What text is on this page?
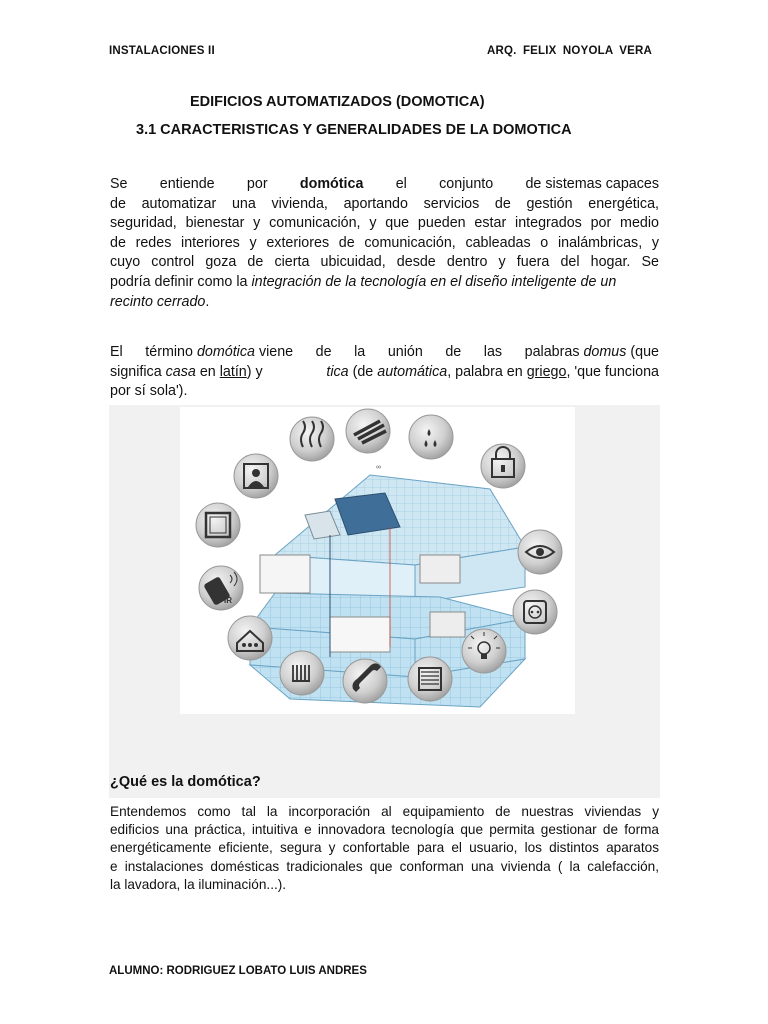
INSTALACIONES II	ARQ. FELIX NOYOLA VERA
EDIFICIOS AUTOMATIZADOS (DOMOTICA)
3.1 CARACTERISTICAS Y GENERALIDADES DE LA DOMOTICA
Se entiende por domótica el conjunto de sistemas capaces
de automatizar una vivienda, aportando servicios de gestión energética,
seguridad, bienestar y comunicación, y que pueden estar integrados por medio
de redes interiores y exteriores de comunicación, cableadas o inalámbricas, y
cuyo control goza de cierta ubicuidad, desde dentro y fuera del hogar. Se
podría definir como la integración de la tecnología en el diseño inteligente de un
recinto cerrado.
El término domótica viene de la unión de las palabras domus (que
significa casa en latín) y	tica (de automática, palabra en griego, 'que funciona
por sí sola').
∞
IR
¿Qué es la domótica?
Entendemos como tal la incorporación al equipamiento de nuestras viviendas y
edificios una práctica, intuitiva e innovadora tecnología que permita gestionar de forma
energéticamente eficiente, segura y confortable para el usuario, los distintos aparatos
e instalaciones domésticas tradicionales que conforman una vivienda ( la calefacción,
la lavadora, la iluminación...).
ALUMNO: RODRIGUEZ LOBATO LUIS ANDRES
